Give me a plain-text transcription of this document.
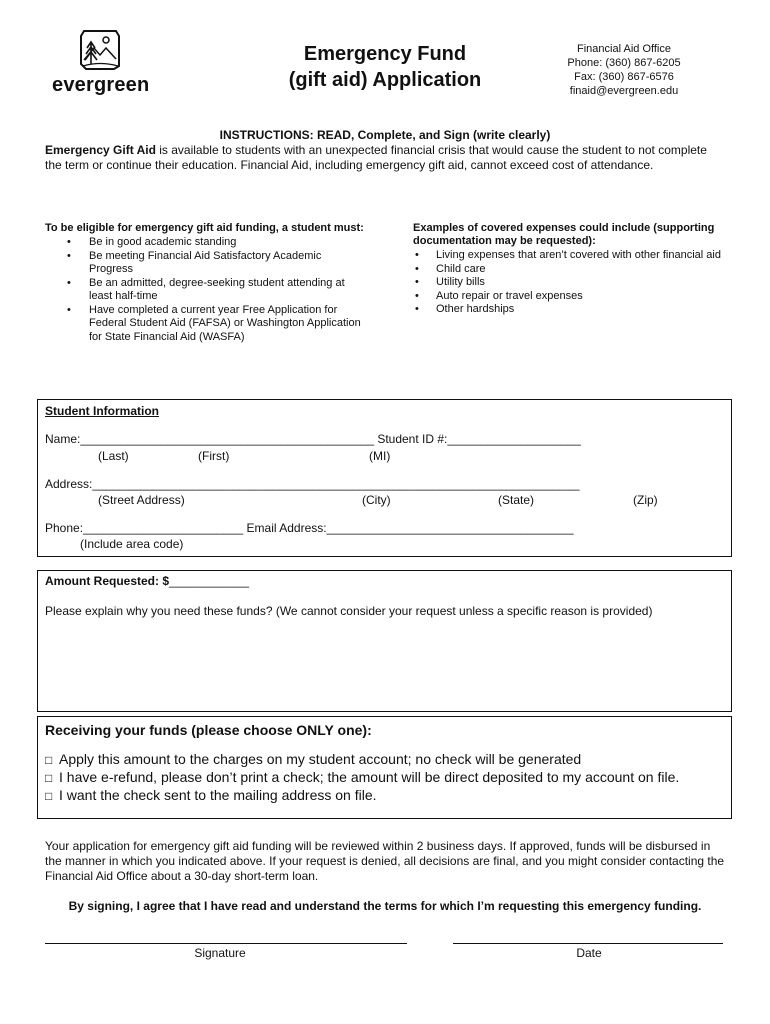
evergreen
Emergency Fund
(gift aid) Application
Financial Aid Office
Phone: (360) 867-6205
Fax: (360) 867-6576
finaid@evergreen.edu
INSTRUCTIONS: READ, Complete, and Sign (write clearly)
Emergency Gift Aid is available to students with an unexpected financial crisis that would cause the student to not complete the term or continue their education. Financial Aid, including emergency gift aid, cannot exceed cost of attendance.
To be eligible for emergency gift aid funding, a student must:
• Be in good academic standing
• Be meeting Financial Aid Satisfactory Academic Progress
• Be an admitted, degree-seeking student attending at least half-time
• Have completed a current year Free Application for Federal Student Aid (FAFSA) or Washington Application for State Financial Aid (WASFA)
Examples of covered expenses could include (supporting documentation may be requested):
• Living expenses that aren’t covered with other financial aid
• Child care
• Utility bills
• Auto repair or travel expenses
• Other hardships
Student Information
Name:____________________________________________ Student ID #:____________________
(Last)	(First)	(MI)
Address:_________________________________________________________________________
(Street Address)	(City)	(State)	(Zip)
Phone:________________________ Email Address:_____________________________________
(Include area code)
Amount Requested: $____________
Please explain why you need these funds? (We cannot consider your request unless a specific reason is provided)
Receiving your funds (please choose ONLY one):
□ Apply this amount to the charges on my student account; no check will be generated
□ I have e-refund, please don’t print a check; the amount will be direct deposited to my account on file.
□ I want the check sent to the mailing address on file.
Your application for emergency gift aid funding will be reviewed within 2 business days. If approved, funds will be disbursed in the manner in which you indicated above. If your request is denied, all decisions are final, and you might consider contacting the Financial Aid Office about a 30-day short-term loan.
By signing, I agree that I have read and understand the terms for which I’m requesting this emergency funding.
Signature	Date
